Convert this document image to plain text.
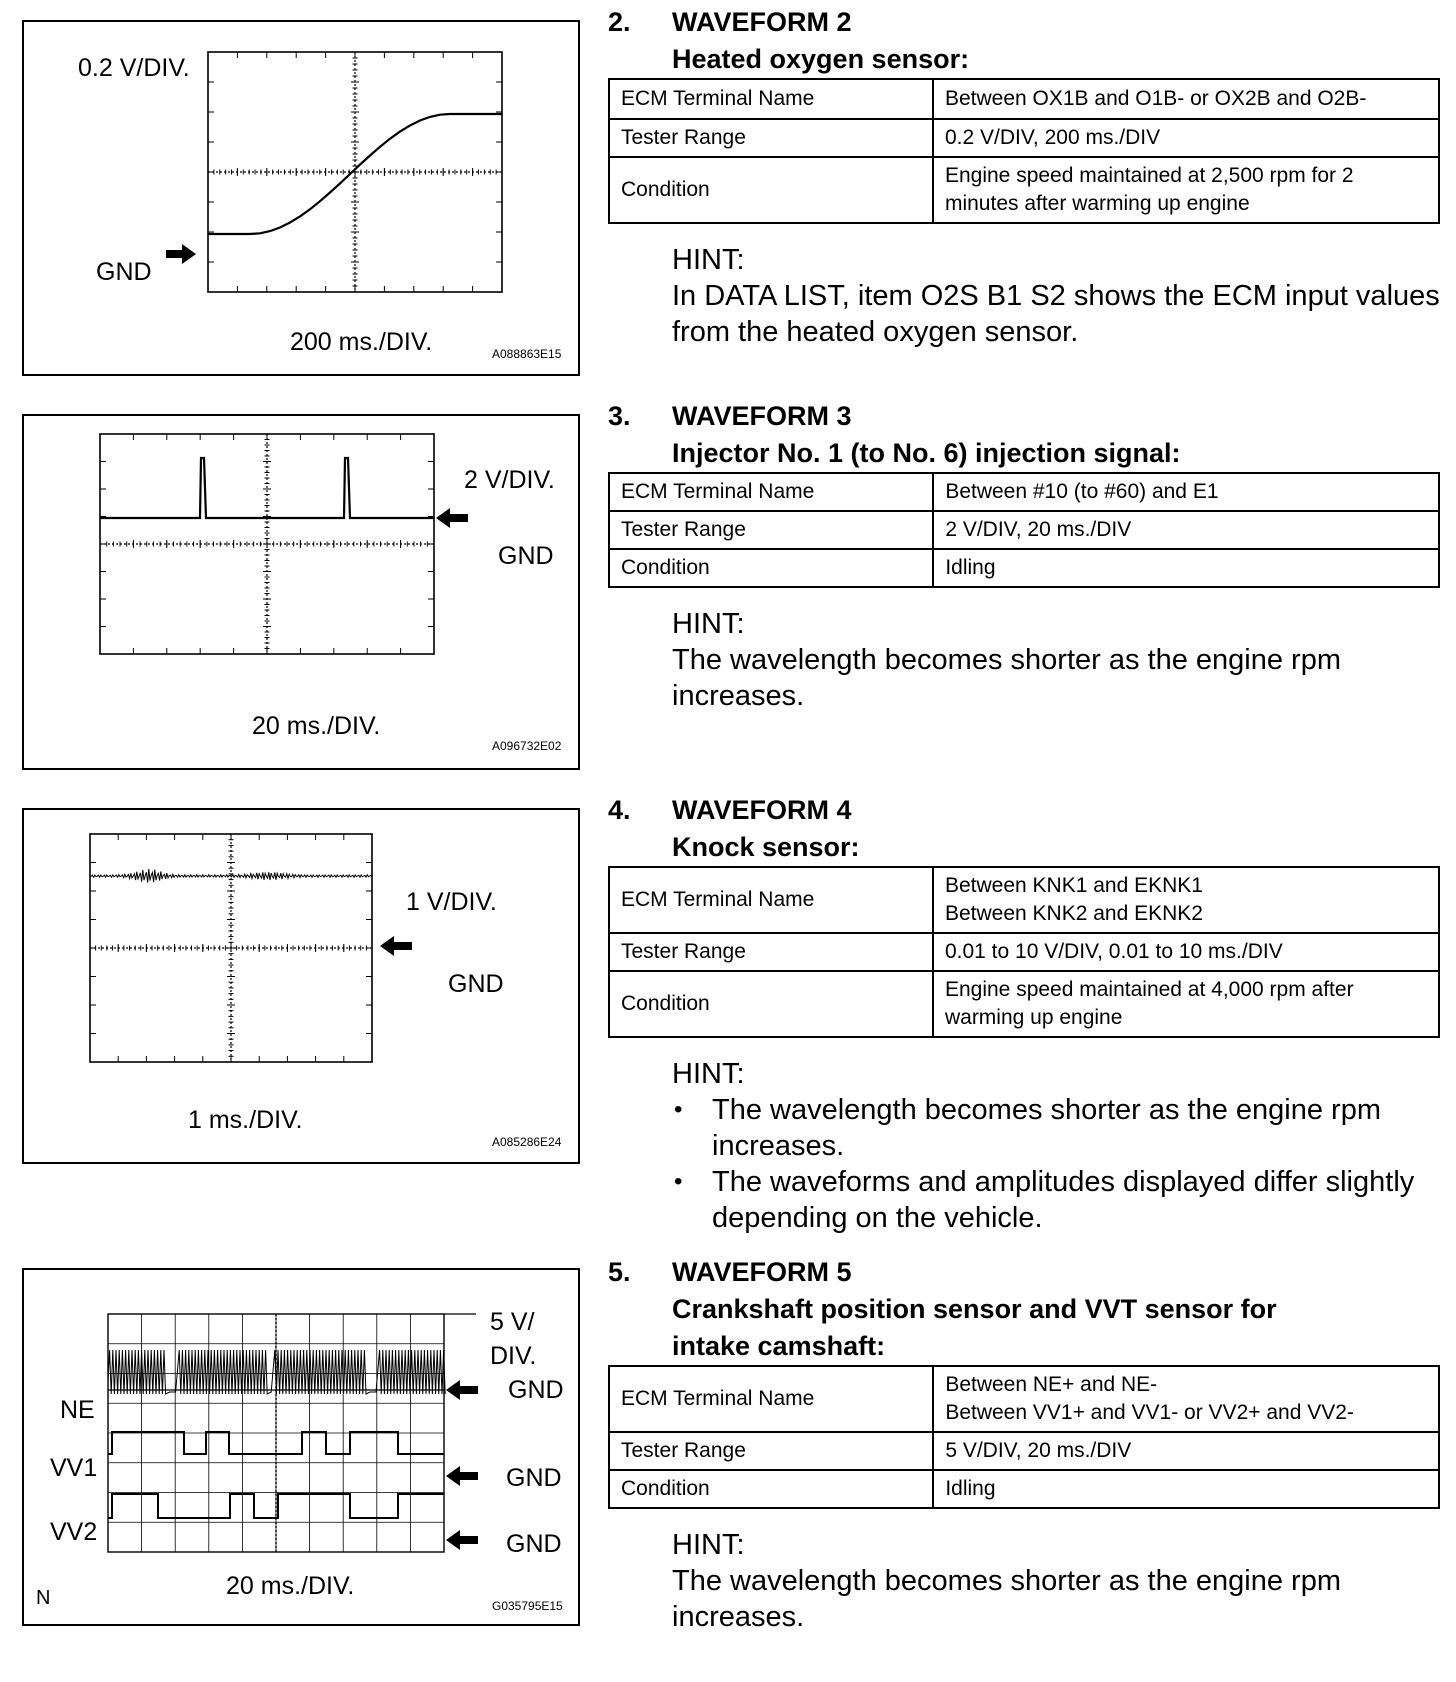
0.2 V/DIV.
GND
200 ms./DIV.	A088863E15
2 V/DIV.
GND
20 ms./DIV.
A096732E02
1 V/DIV.
GND
1 ms./DIV.
A085286E24
5 V/
DIV.
NE
VV1
VV2
GND
GND
GND
20 ms./DIV.
N	G035795E15
2. WAVEFORM 2
Heated oxygen sensor:
ECM Terminal Name	Between OX1B and O1B- or OX2B and O2B-
Tester Range	0.2 V/DIV, 200 ms./DIV
Condition	Engine speed maintained at 2,500 rpm for 2
minutes after warming up engine
HINT:
In DATA LIST, item O2S B1 S2 shows the ECM input values from the heated oxygen sensor.
3. WAVEFORM 3
Injector No. 1 (to No. 6) injection signal:
ECM Terminal Name	Between #10 (to #60) and E1
Tester Range	2 V/DIV, 20 ms./DIV
Condition	Idling
HINT:
The wavelength becomes shorter as the engine rpm increases.
4. WAVEFORM 4
Knock sensor:
ECM Terminal Name	Between KNK1 and EKNK1
Between KNK2 and EKNK2
Tester Range	0.01 to 10 V/DIV, 0.01 to 10 ms./DIV
Condition	Engine speed maintained at 4,000 rpm after
warming up engine
HINT:
• The wavelength becomes shorter as the engine rpm increases.
• The waveforms and amplitudes displayed differ slightly depending on the vehicle.
5. WAVEFORM 5
Crankshaft position sensor and VVT sensor for
intake camshaft:
ECM Terminal Name	Between NE+ and NE-
Between VV1+ and VV1- or VV2+ and VV2-
Tester Range	5 V/DIV, 20 ms./DIV
Condition	Idling
HINT:
The wavelength becomes shorter as the engine rpm increases.
